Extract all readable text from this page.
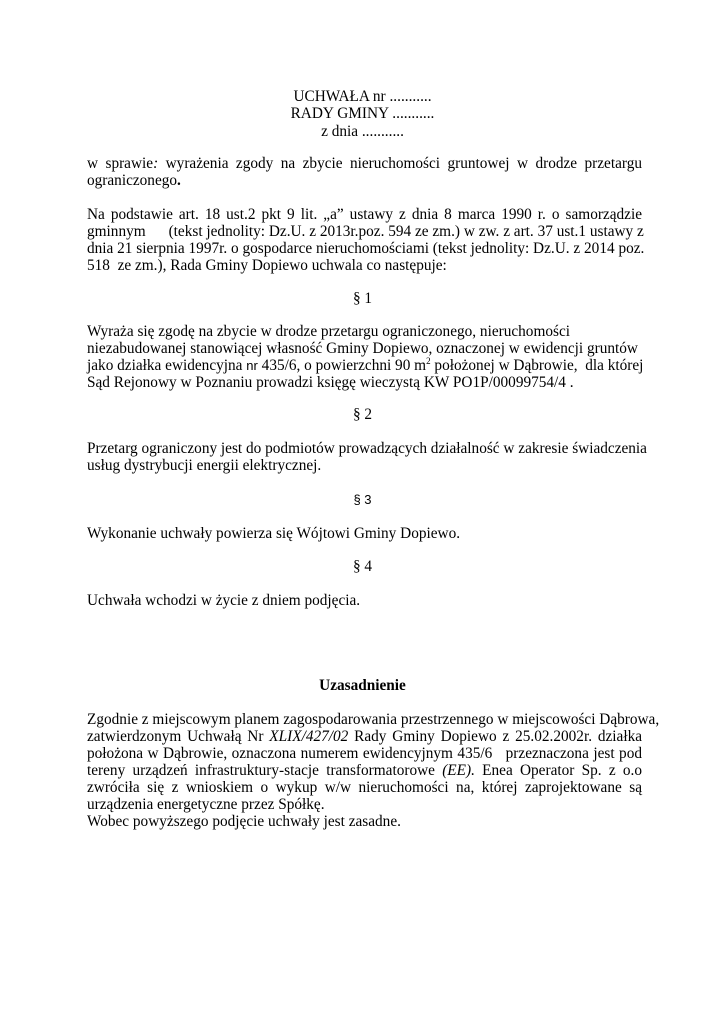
UCHWAŁA nr ...........
RADY GMINY ...........
z dnia ...........
w sprawie: wyrażenia zgody na zbycie nieruchomości gruntowej w drodze przetargu
ograniczonego.
Na podstawie art. 18 ust.2 pkt 9 lit. „a” ustawy z dnia 8 marca 1990 r. o samorządzie
gminnym      (tekst jednolity: Dz.U. z 2013r.poz. 594 ze zm.) w zw. z art. 37 ust.1 ustawy z
dnia 21 sierpnia 1997r. o gospodarce nieruchomościami (tekst jednolity: Dz.U. z 2014 poz.
518  ze zm.), Rada Gminy Dopiewo uchwala co następuje:
§ 1
Wyraża się zgodę na zbycie w drodze przetargu ograniczonego, nieruchomości
niezabudowanej stanowiącej własność Gminy Dopiewo, oznaczonej w ewidencji gruntów
jako działka ewidencyjna nr 435/6, o powierzchni 90 $m^2$ położonej w Dąbrowie,  dla której
Sąd Rejonowy w Poznaniu prowadzi księgę wieczystą KW PO1P/00099754/4 .
§ 2
Przetarg ograniczony jest do podmiotów prowadzących działalność w zakresie świadczenia
usług dystrybucji energii elektrycznej.
§ 3
Wykonanie uchwały powierza się Wójtowi Gminy Dopiewo.
§ 4
Uchwała wchodzi w życie z dniem podjęcia.
Uzasadnienie
Zgodnie z miejscowym planem zagospodarowania przestrzennego w miejscowości Dąbrowa,
zatwierdzonym Uchwałą Nr XLIX/427/02 Rady Gminy Dopiewo z 25.02.2002r. działka
położona w Dąbrowie, oznaczona numerem ewidencyjnym 435/6   przeznaczona jest pod
tereny urządzeń infrastruktury-stacje transformatorowe (EE). Enea Operator Sp. z o.o
zwróciła się z wnioskiem o wykup w/w nieruchomości na, której zaprojektowane są
urządzenia energetyczne przez Spółkę.
Wobec powyższego podjęcie uchwały jest zasadne.
